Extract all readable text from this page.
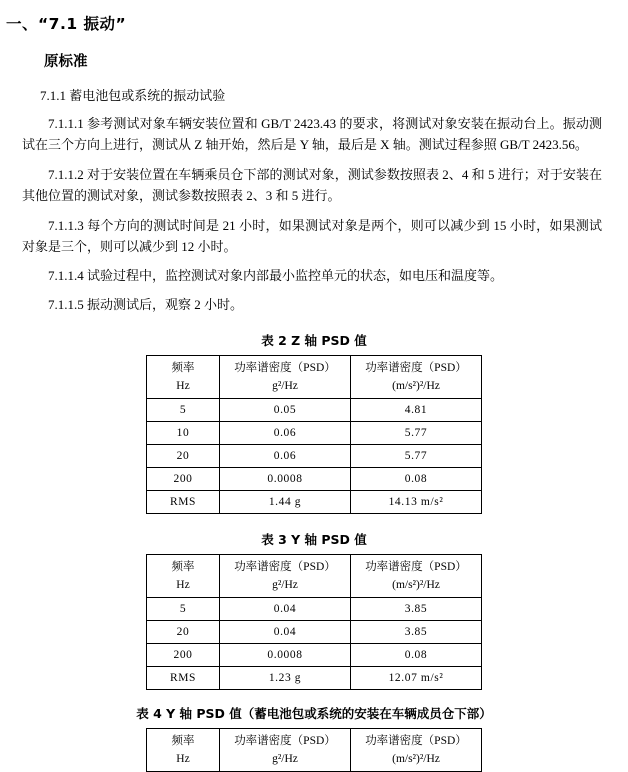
一、“7.1 振动”
原标准
7.1.1 蓄电池包或系统的振动试验
7.1.1.1 参考测试对象车辆安装位置和 GB/T 2423.43 的要求，将测试对象安装在振动台上。振动测试在三个方向上进行，测试从 Z 轴开始，然后是 Y 轴，最后是 X 轴。测试过程参照 GB/T 2423.56。
7.1.1.2 对于安装位置在车辆乘员仓下部的测试对象，测试参数按照表 2、4 和 5 进行；对于安装在其他位置的测试对象，测试参数按照表 2、3 和 5 进行。
7.1.1.3 每个方向的测试时间是 21 小时，如果测试对象是两个，则可以减少到 15 小时，如果测试对象是三个，则可以减少到 12 小时。
7.1.1.4 试验过程中，监控测试对象内部最小监控单元的状态，如电压和温度等。
7.1.1.5 振动测试后，观察 2 小时。
表 2 Z 轴 PSD 值
频率	功率谱密度（PSD）	功率谱密度（PSD）
Hz	g²/Hz	(m/s²)²/Hz
5	0.05	4.81
10	0.06	5.77
20	0.06	5.77
200	0.0008	0.08
RMS	1.44 g	14.13 m/s²
表 3 Y 轴 PSD 值
频率	功率谱密度（PSD）	功率谱密度（PSD）
Hz	g²/Hz	(m/s²)²/Hz
5	0.04	3.85
20	0.04	3.85
200	0.0008	0.08
RMS	1.23 g	12.07 m/s²
表 4 Y 轴 PSD 值（蓄电池包或系统的安装在车辆成员仓下部）
频率	功率谱密度（PSD）	功率谱密度（PSD）
Hz	g²/Hz	(m/s²)²/Hz
